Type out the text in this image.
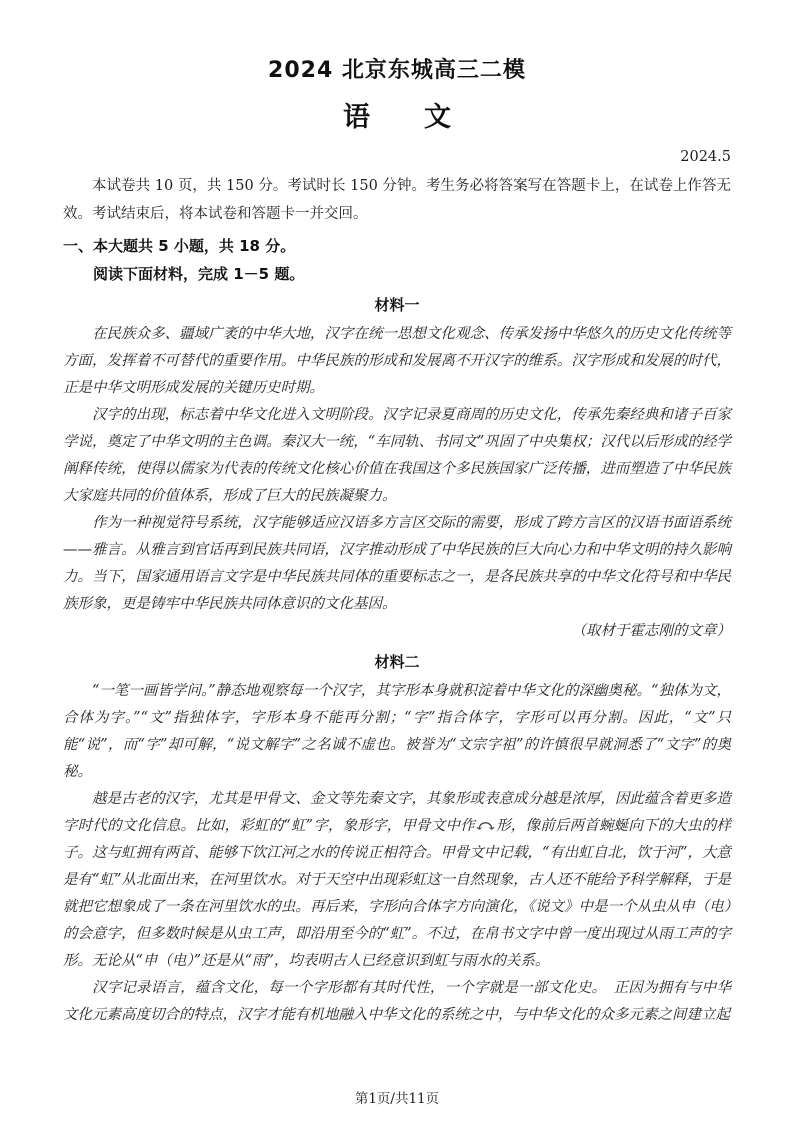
2024 北京东城高三二模
语　　文
2024.5

本试卷共 10 页，共 150 分。考试时长 150 分钟。考生务必将答案写在答题卡上，在试卷上作答无效。考试结束后，将本试卷和答题卡一并交回。

一、本大题共 5 小题，共 18 分。

阅读下面材料，完成 1－5 题。

材料一

在民族众多、疆域广袤的中华大地，汉字在统一思想文化观念、传承发扬中华悠久的历史文化传统等方面，发挥着不可替代的重要作用。中华民族的形成和发展离不开汉字的维系。汉字形成和发展的时代，正是中华文明形成发展的关键历史时期。

汉字的出现，标志着中华文化进入文明阶段。汉字记录夏商周的历史文化，传承先秦经典和诸子百家学说，奠定了中华文明的主色调。秦汉大一统，“车同轨、书同文”巩固了中央集权；汉代以后形成的经学阐释传统，使得以儒家为代表的传统文化核心价值在我国这个多民族国家广泛传播，进而塑造了中华民族大家庭共同的价值体系，形成了巨大的民族凝聚力。

作为一种视觉符号系统，汉字能够适应汉语多方言区交际的需要，形成了跨方言区的汉语书面语系统——雅言。从雅言到官话再到民族共同语，汉字推动形成了中华民族的巨大向心力和中华文明的持久影响力。当下，国家通用语言文字是中华民族共同体的重要标志之一，是各民族共享的中华文化符号和中华民族形象，更是铸牢中华民族共同体意识的文化基因。

（取材于霍志刚的文章）

材料二

“一笔一画皆学问。”静态地观察每一个汉字，其字形本身就积淀着中华文化的深幽奥秘。“独体为文，合体为字。”“文”指独体字，字形本身不能再分割；“字”指合体字，字形可以再分割。因此，“文”只能“说”，而“字”却可解，“说文解字”之名诚不虚也。被誉为“文宗字祖”的许慎很早就洞悉了“文字”的奥秘。

越是古老的汉字，尤其是甲骨文、金文等先秦文字，其象形或表意成分越是浓厚，因此蕴含着更多造字时代的文化信息。比如，彩虹的“虹”字，象形字，甲骨文中作 形，像前后两首蜿蜒向下的大虫的样子。这与虹拥有两首、能够下饮江河之水的传说正相符合。甲骨文中记载，“有出虹自北，饮于河”，大意是有“虹”从北面出来，在河里饮水。对于天空中出现彩虹这一自然现象，古人还不能给予科学解释，于是就把它想象成了一条在河里饮水的虫。再后来，字形向合体字方向演化，《说文》中是一个从虫从申（电）的会意字，但多数时候是从虫工声，即沿用至今的“虹”。不过，在帛书文字中曾一度出现过从雨工声的字形。无论从“申（电）”还是从“雨”，均表明古人已经意识到虹与雨水的关系。

汉字记录语言，蕴含文化，每一个字形都有其时代性，一个字就是一部文化史。　正因为拥有与中华文化元素高度切合的特点，汉字才能有机地融入中华文化的系统之中，与中华文化的众多元素之间建立起

第1页/共11页
